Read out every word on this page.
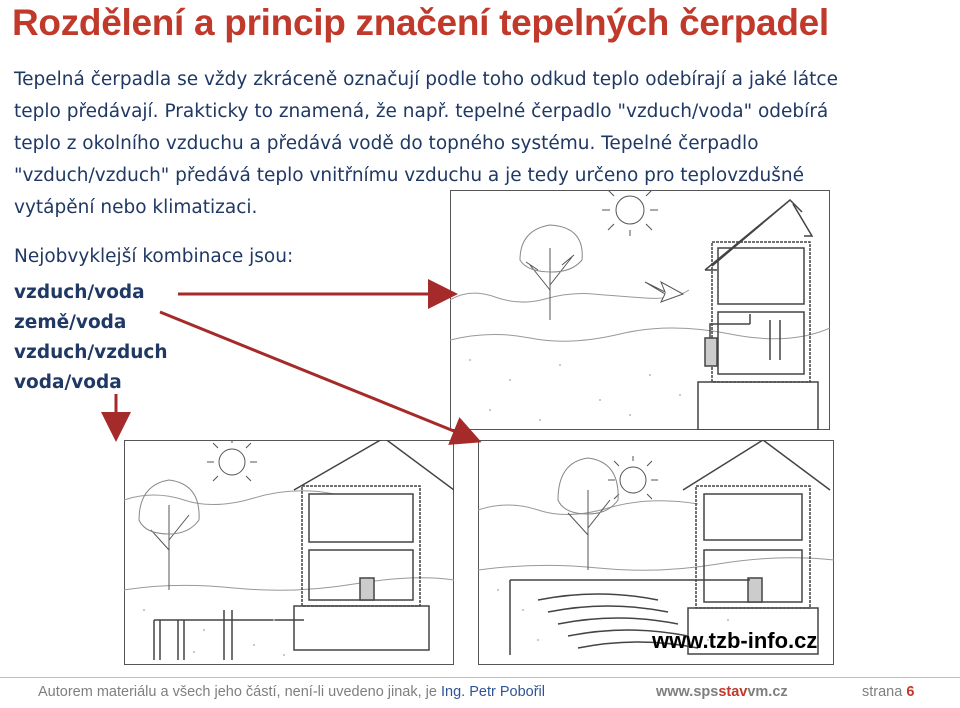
Rozdělení a princip značení tepelných čerpadel

Tepelná čerpadla se vždy zkráceně označují podle toho odkud teplo odebírají a jaké látce teplo předávají. Prakticky to znamená, že např. tepelné čerpadlo "vzduch/voda" odebírá teplo z okolního vzduchu a předává vodě do topného systému. Tepelné čerpadlo "vzduch/vzduch" předává teplo vnitřnímu vzduchu a je tedy určeno pro teplovzdušné vytápění nebo klimatizaci.

Nejobvyklejší kombinace jsou:

vzduch/voda
země/voda
vzduch/vzduch
voda/voda
www.tzb-info.cz
Autorem materiálu a všech jeho částí, není-li uvedeno jinak, je Ing. Petr Pobořil	www.spsstavvm.cz	strana 6
